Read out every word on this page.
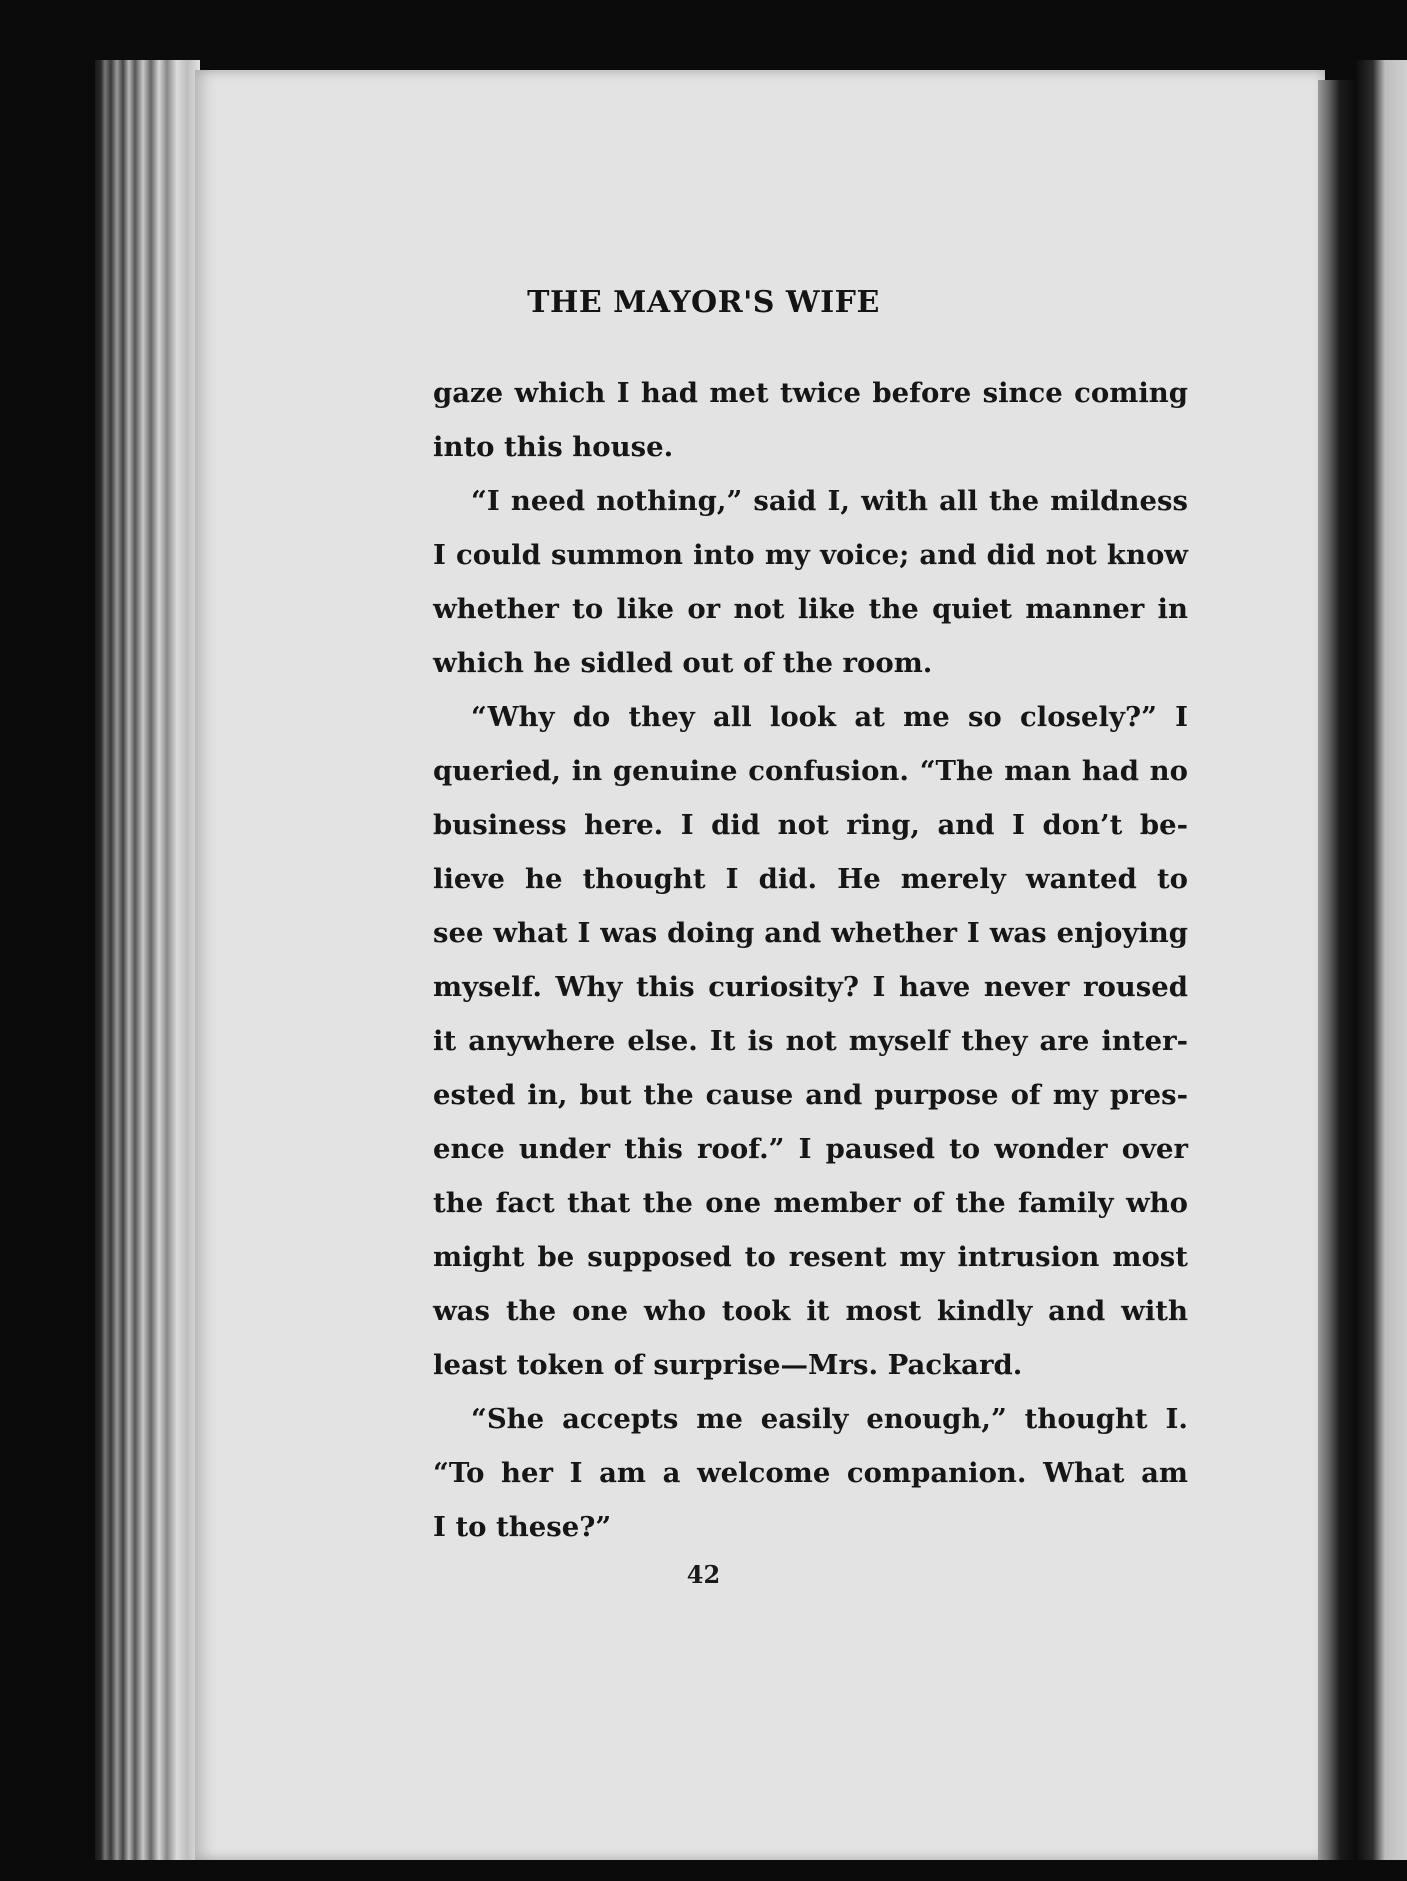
THE MAYOR'S WIFE
gaze which I had met twice before since coming
into this house.
“I need nothing,” said I, with all the mildness
I could summon into my voice; and did not know
whether to like or not like the quiet manner in
which he sidled out of the room.
“Why do they all look at me so closely?” I
queried, in genuine confusion. “The man had no
business here. I did not ring, and I don’t be-
lieve he thought I did. He merely wanted to
see what I was doing and whether I was enjoying
myself. Why this curiosity? I have never roused
it anywhere else. It is not myself they are inter-
ested in, but the cause and purpose of my pres-
ence under this roof.” I paused to wonder over
the fact that the one member of the family who
might be supposed to resent my intrusion most
was the one who took it most kindly and with
least token of surprise—Mrs. Packard.
“She accepts me easily enough,” thought I.
“To her I am a welcome companion. What am
I to these?”
42
